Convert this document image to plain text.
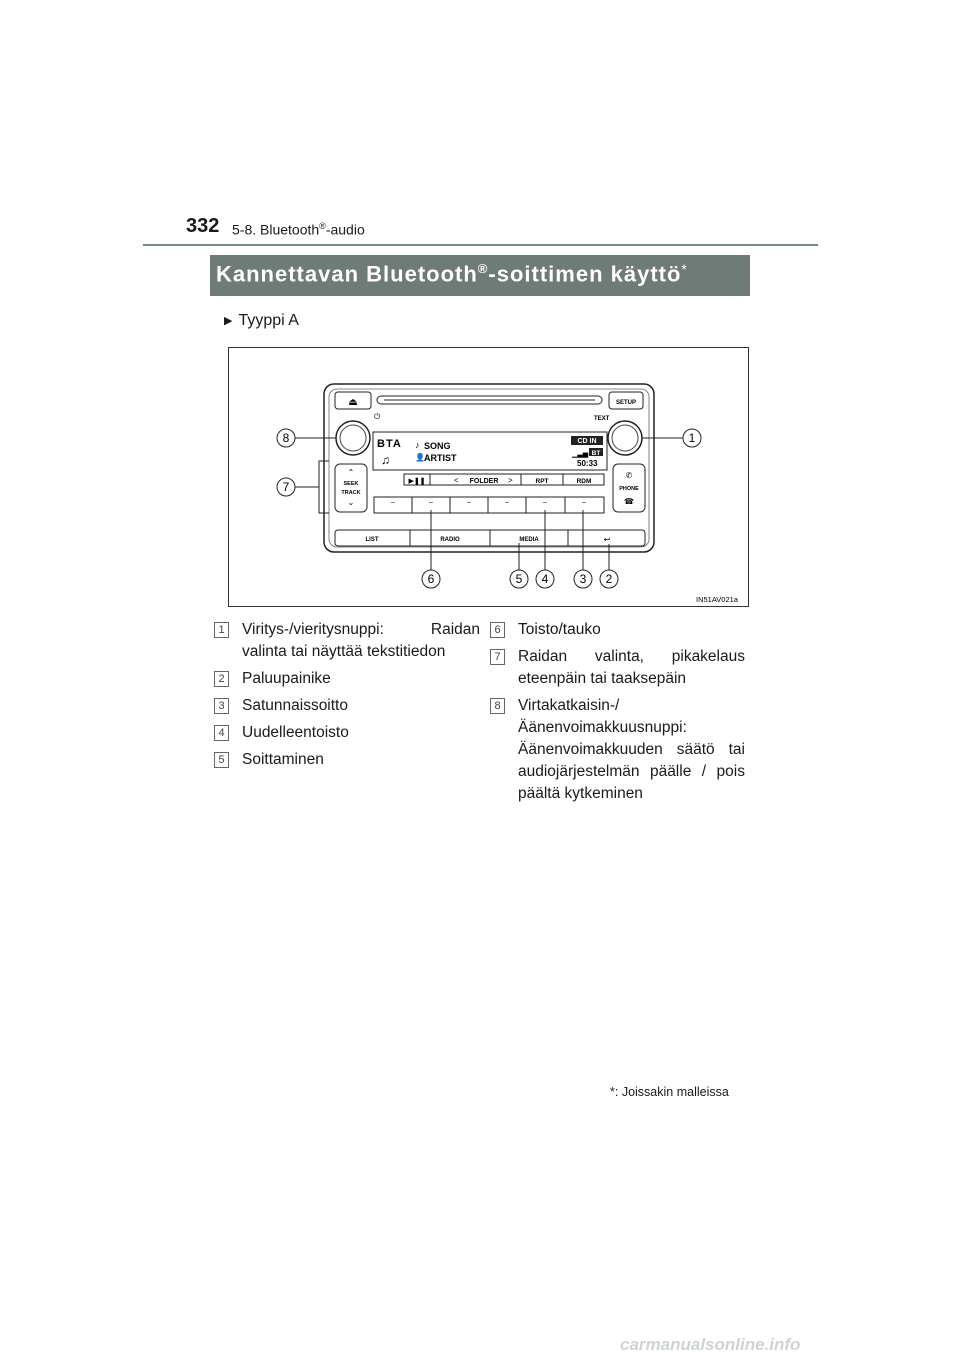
332 5-8. Bluetooth®-audio
Kannettavan Bluetooth®-soittimen käyttö*
▶ Tyyppi A
⏏	SETUP
⏻	TEXT
BTA
♫
♪ SONG
👤 ARTIST
CD IN
BT
▁▃▅
50:33
▶❚❚	< FOLDER >	RPT	RDM
‒	‒	‒	‒	‒	‒
⌃
SEEK
TRACK
⌄
✆
PHONE
☎
LIST	RADIO	MEDIA	↩
8
7
1
6	5 4	3 2
IN51AV021a
1 Viritys-/vieritysnuppi: Raidan valinta tai näyttää tekstitiedon
2 Paluupainike
3 Satunnaissoitto
4 Uudelleentoisto
5 Soittaminen
6 Toisto/tauko
7 Raidan valinta, pikakelaus eteenpäin tai taaksepäin
8 Virtakatkaisin-/Äänenvoimakkuusnuppi: Äänenvoimakkuuden säätö tai audiojärjestelmän päälle / pois päältä kytkeminen
*: Joissakin malleissa
carmanualsonline.info
